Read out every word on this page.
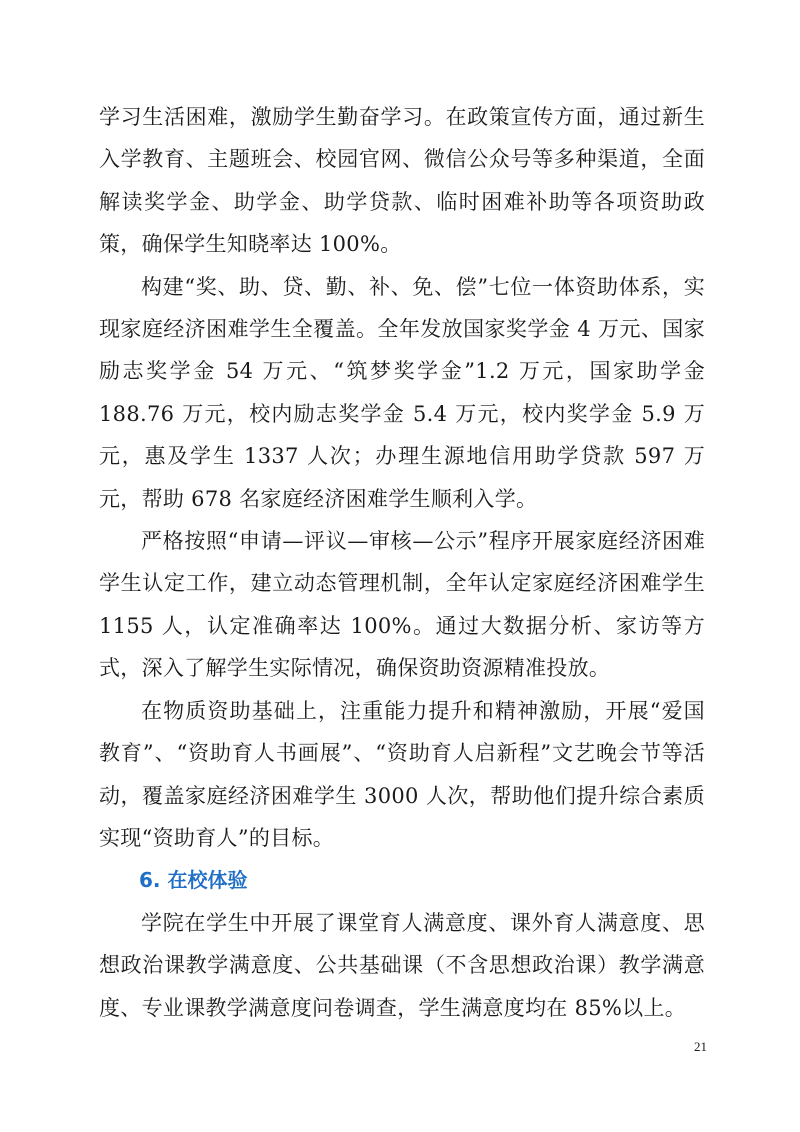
学习生活困难，激励学生勤奋学习。在政策宣传方面，通过新生入学教育、主题班会、校园官网、微信公众号等多种渠道，全面解读奖学金、助学金、助学贷款、临时困难补助等各项资助政策，确保学生知晓率达 100%。

构建“奖、助、贷、勤、补、免、偿”七位一体资助体系，实现家庭经济困难学生全覆盖。全年发放国家奖学金 4 万元、国家励志奖学金 54 万元、“筑梦奖学金”1.2 万元，国家助学金 188.76 万元，校内励志奖学金 5.4 万元，校内奖学金 5.9 万元，惠及学生 1337 人次；办理生源地信用助学贷款 597 万元，帮助 678 名家庭经济困难学生顺利入学。

严格按照“申请—评议—审核—公示”程序开展家庭经济困难学生认定工作，建立动态管理机制，全年认定家庭经济困难学生 1155 人，认定准确率达 100%。通过大数据分析、家访等方式，深入了解学生实际情况，确保资助资源精准投放。

在物质资助基础上，注重能力提升和精神激励，开展“爱国教育”、“资助育人书画展”、“资助育人启新程”文艺晚会节等活动，覆盖家庭经济困难学生 3000 人次，帮助他们提升综合素质实现“资助育人”的目标。

6. 在校体验

学院在学生中开展了课堂育人满意度、课外育人满意度、思想政治课教学满意度、公共基础课（不含思想政治课）教学满意度、专业课教学满意度问卷调查，学生满意度均在 85%以上。

21
